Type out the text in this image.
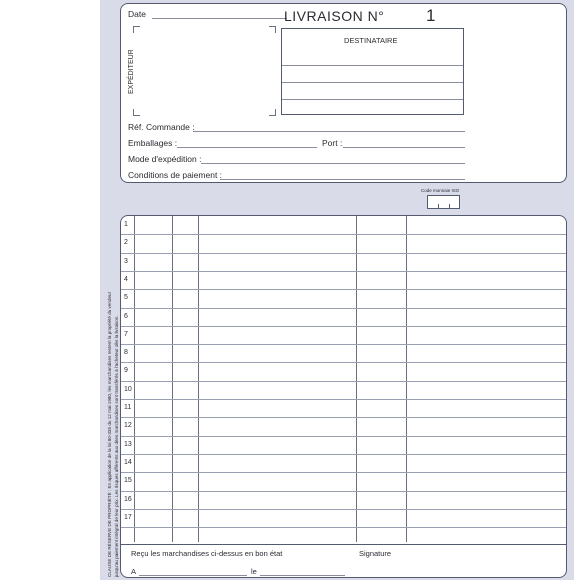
Date	LIVRAISON N° 1
EXPÉDITEUR
DESTINATAIRE
Réf. Commande :
Emballages :	Port :
Mode d'expédition :
Conditions de paiement :
Code monnaie ISO
CLAUSE DE RÉSERVE DE PROPRIÉTÉ : En application de la loi 80-335 du 12 mai 1980, les marchandises restent la propriété du vendeur jusqu'au paiement intégral de leur prix. Les risques afférents aux dites marchandises sont transférés à l'acheteur dès la livraison.
1
2
3
4
5
6
7
8
9
10
11
12
13
14
15
16
17
Reçu les marchandises ci-dessus en bon état	Signature
A	le
